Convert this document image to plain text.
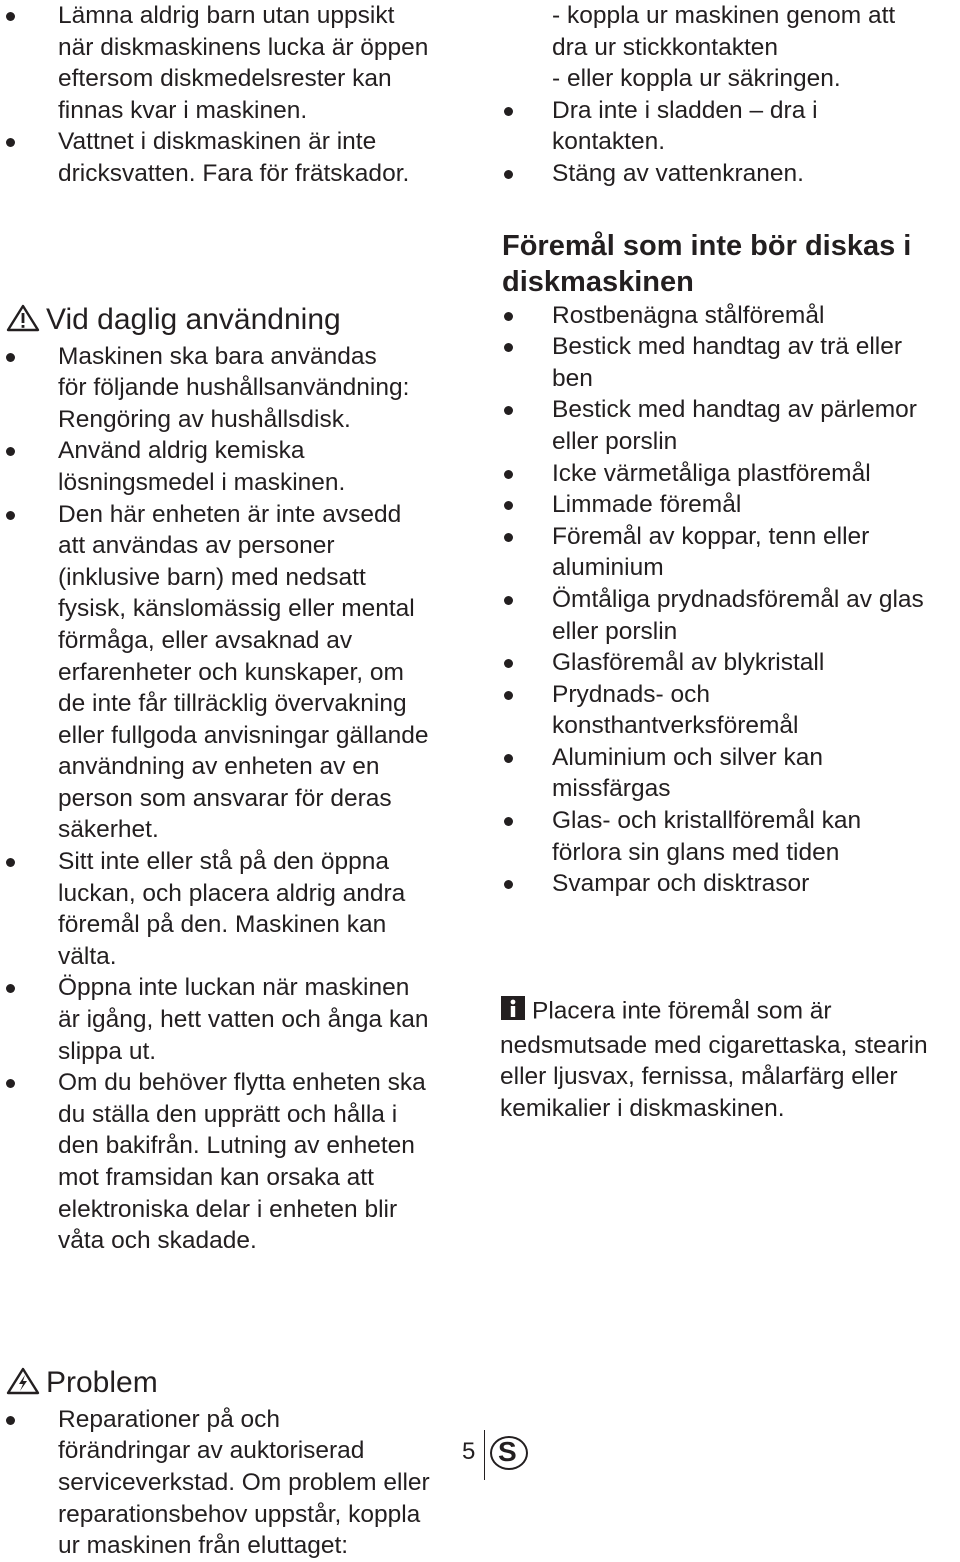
Lämna aldrig barn utan uppsikt
när diskmaskinens lucka är öppen
eftersom diskmedelsrester kan
finnas kvar i maskinen.
Vattnet i diskmaskinen är inte
dricksvatten. Fara för frätskador.

Vid daglig användning

Maskinen ska bara användas
för följande hushållsanvändning:
Rengöring av hushållsdisk.
Använd aldrig kemiska
lösningsmedel i maskinen.
Den här enheten är inte avsedd
att användas av personer
(inklusive barn) med nedsatt
fysisk, känslomässig eller mental
förmåga, eller avsaknad av
erfarenheter och kunskaper, om
de inte får tillräcklig övervakning
eller fullgoda anvisningar gällande
användning av enheten av en
person som ansvarar för deras
säkerhet.
Sitt inte eller stå på den öppna
luckan, och placera aldrig andra
föremål på den. Maskinen kan
välta.
Öppna inte luckan när maskinen
är igång, hett vatten och ånga kan
slippa ut.
Om du behöver flytta enheten ska
du ställa den upprätt och hålla i
den bakifrån. Lutning av enheten
mot framsidan kan orsaka att
elektroniska delar i enheten blir
våta och skadade.

Problem

Reparationer på och
förändringar av auktoriserad
serviceverkstad. Om problem eller
reparationsbehov uppstår, koppla
ur maskinen från eluttaget:
- koppla ur maskinen genom att
dra ur stickkontakten
- eller koppla ur säkringen.
Dra inte i sladden – dra i
kontakten.
Stäng av vattenkranen.
Föremål som inte bör diskas i
diskmaskinen
Rostbenägna stålföremål
Bestick med handtag av trä eller
ben
Bestick med handtag av pärlemor
eller porslin
Icke värmetåliga plastföremål
Limmade föremål
Föremål av koppar, tenn eller
aluminium
Ömtåliga prydnadsföremål av glas
eller porslin
Glasföremål av blykristall
Prydnads- och
konsthantverksföremål
Aluminium och silver kan
missfärgas
Glas- och kristallföremål kan
förlora sin glans med tiden
Svampar och disktrasor

Placera inte föremål som är
nedsmutsade med cigarettaska, stearin
eller ljusvax, fernissa, målarfärg eller
kemikalier i diskmaskinen.

5 S
